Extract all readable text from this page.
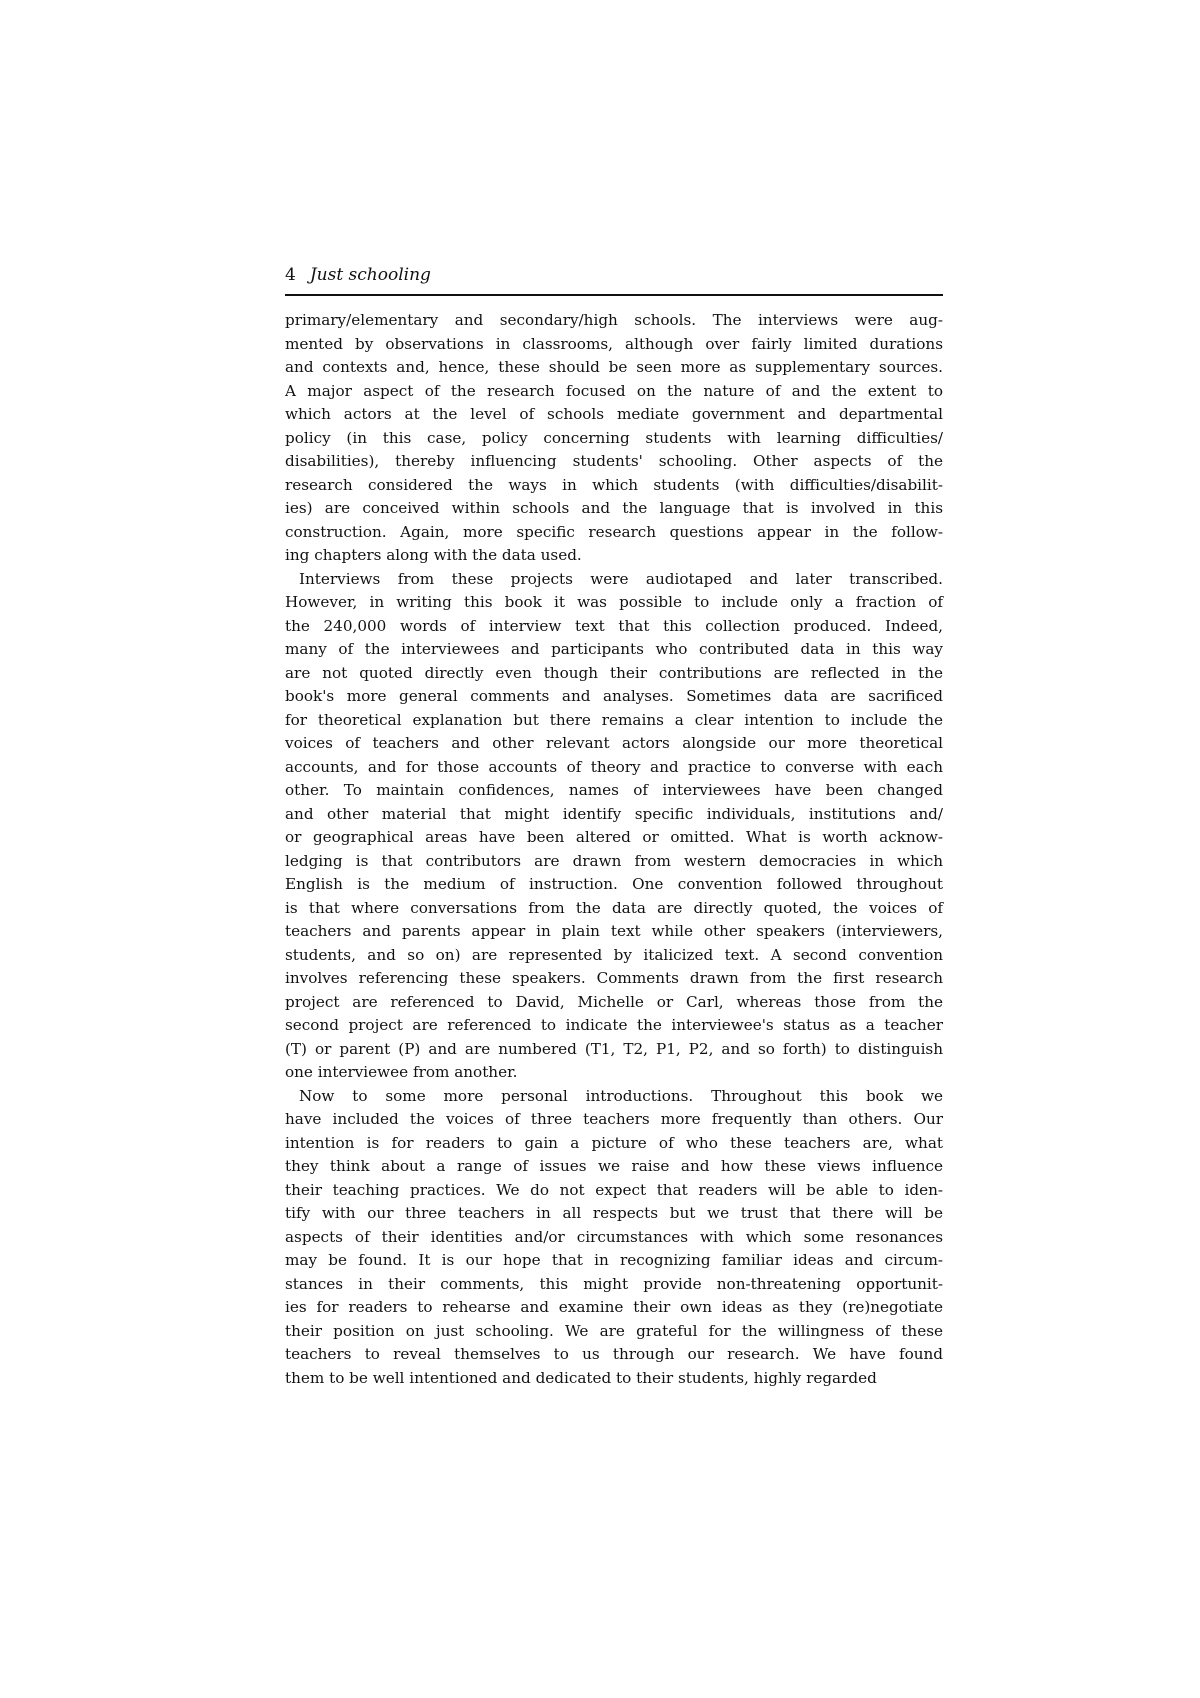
4 Just schooling
primary/elementary and secondary/high schools. The interviews were aug-
mented by observations in classrooms, although over fairly limited durations
and contexts and, hence, these should be seen more as supplementary sources.
A major aspect of the research focused on the nature of and the extent to
which actors at the level of schools mediate government and departmental
policy (in this case, policy concerning students with learning difficulties/
disabilities), thereby influencing students' schooling. Other aspects of the
research considered the ways in which students (with difficulties/disabilit-
ies) are conceived within schools and the language that is involved in this
construction. Again, more specific research questions appear in the follow-
ing chapters along with the data used.
Interviews from these projects were audiotaped and later transcribed.
However, in writing this book it was possible to include only a fraction of
the 240,000 words of interview text that this collection produced. Indeed,
many of the interviewees and participants who contributed data in this way
are not quoted directly even though their contributions are reflected in the
book's more general comments and analyses. Sometimes data are sacrificed
for theoretical explanation but there remains a clear intention to include the
voices of teachers and other relevant actors alongside our more theoretical
accounts, and for those accounts of theory and practice to converse with each
other. To maintain confidences, names of interviewees have been changed
and other material that might identify specific individuals, institutions and/
or geographical areas have been altered or omitted. What is worth acknow-
ledging is that contributors are drawn from western democracies in which
English is the medium of instruction. One convention followed throughout
is that where conversations from the data are directly quoted, the voices of
teachers and parents appear in plain text while other speakers (interviewers,
students, and so on) are represented by italicized text. A second convention
involves referencing these speakers. Comments drawn from the first research
project are referenced to David, Michelle or Carl, whereas those from the
second project are referenced to indicate the interviewee's status as a teacher
(T) or parent (P) and are numbered (T1, T2, P1, P2, and so forth) to distinguish
one interviewee from another.
Now to some more personal introductions. Throughout this book we
have included the voices of three teachers more frequently than others. Our
intention is for readers to gain a picture of who these teachers are, what
they think about a range of issues we raise and how these views influence
their teaching practices. We do not expect that readers will be able to iden-
tify with our three teachers in all respects but we trust that there will be
aspects of their identities and/or circumstances with which some resonances
may be found. It is our hope that in recognizing familiar ideas and circum-
stances in their comments, this might provide non-threatening opportunit-
ies for readers to rehearse and examine their own ideas as they (re)negotiate
their position on just schooling. We are grateful for the willingness of these
teachers to reveal themselves to us through our research. We have found
them to be well intentioned and dedicated to their students, highly regarded
